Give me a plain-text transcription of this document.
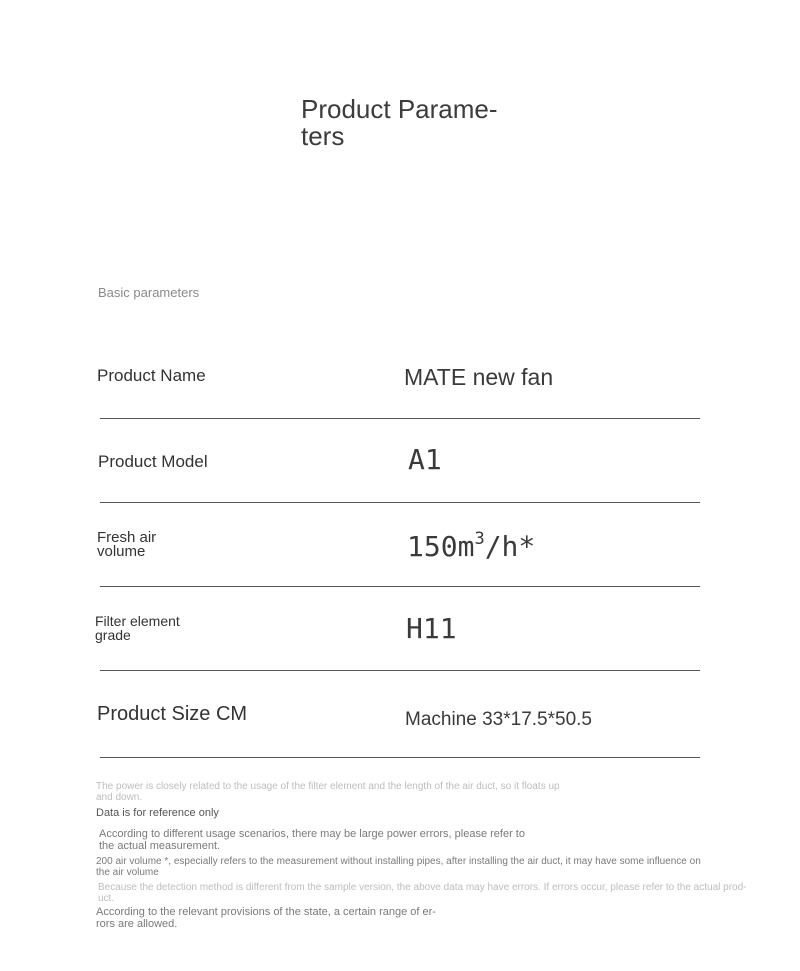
Product Parame-
ters
Basic parameters
Product Name	MATE new fan
Product Model	A1
Fresh air
volume	$150m^3/h*$
Filter element
grade	H11
Product Size CM	Machine 33*17.5*50.5

The power is closely related to the usage of the filter element and the length of the air duct, so it floats up
and down.

Data is for reference only

According to different usage scenarios, there may be large power errors, please refer to
the actual measurement.

200 air volume *, especially refers to the measurement without installing pipes, after installing the air duct, it may have some influence on
the air volume

Because the detection method is different from the sample version, the above data may have errors. If errors occur, please refer to the actual prod-
uct.

According to the relevant provisions of the state, a certain range of er-
rors are allowed.
